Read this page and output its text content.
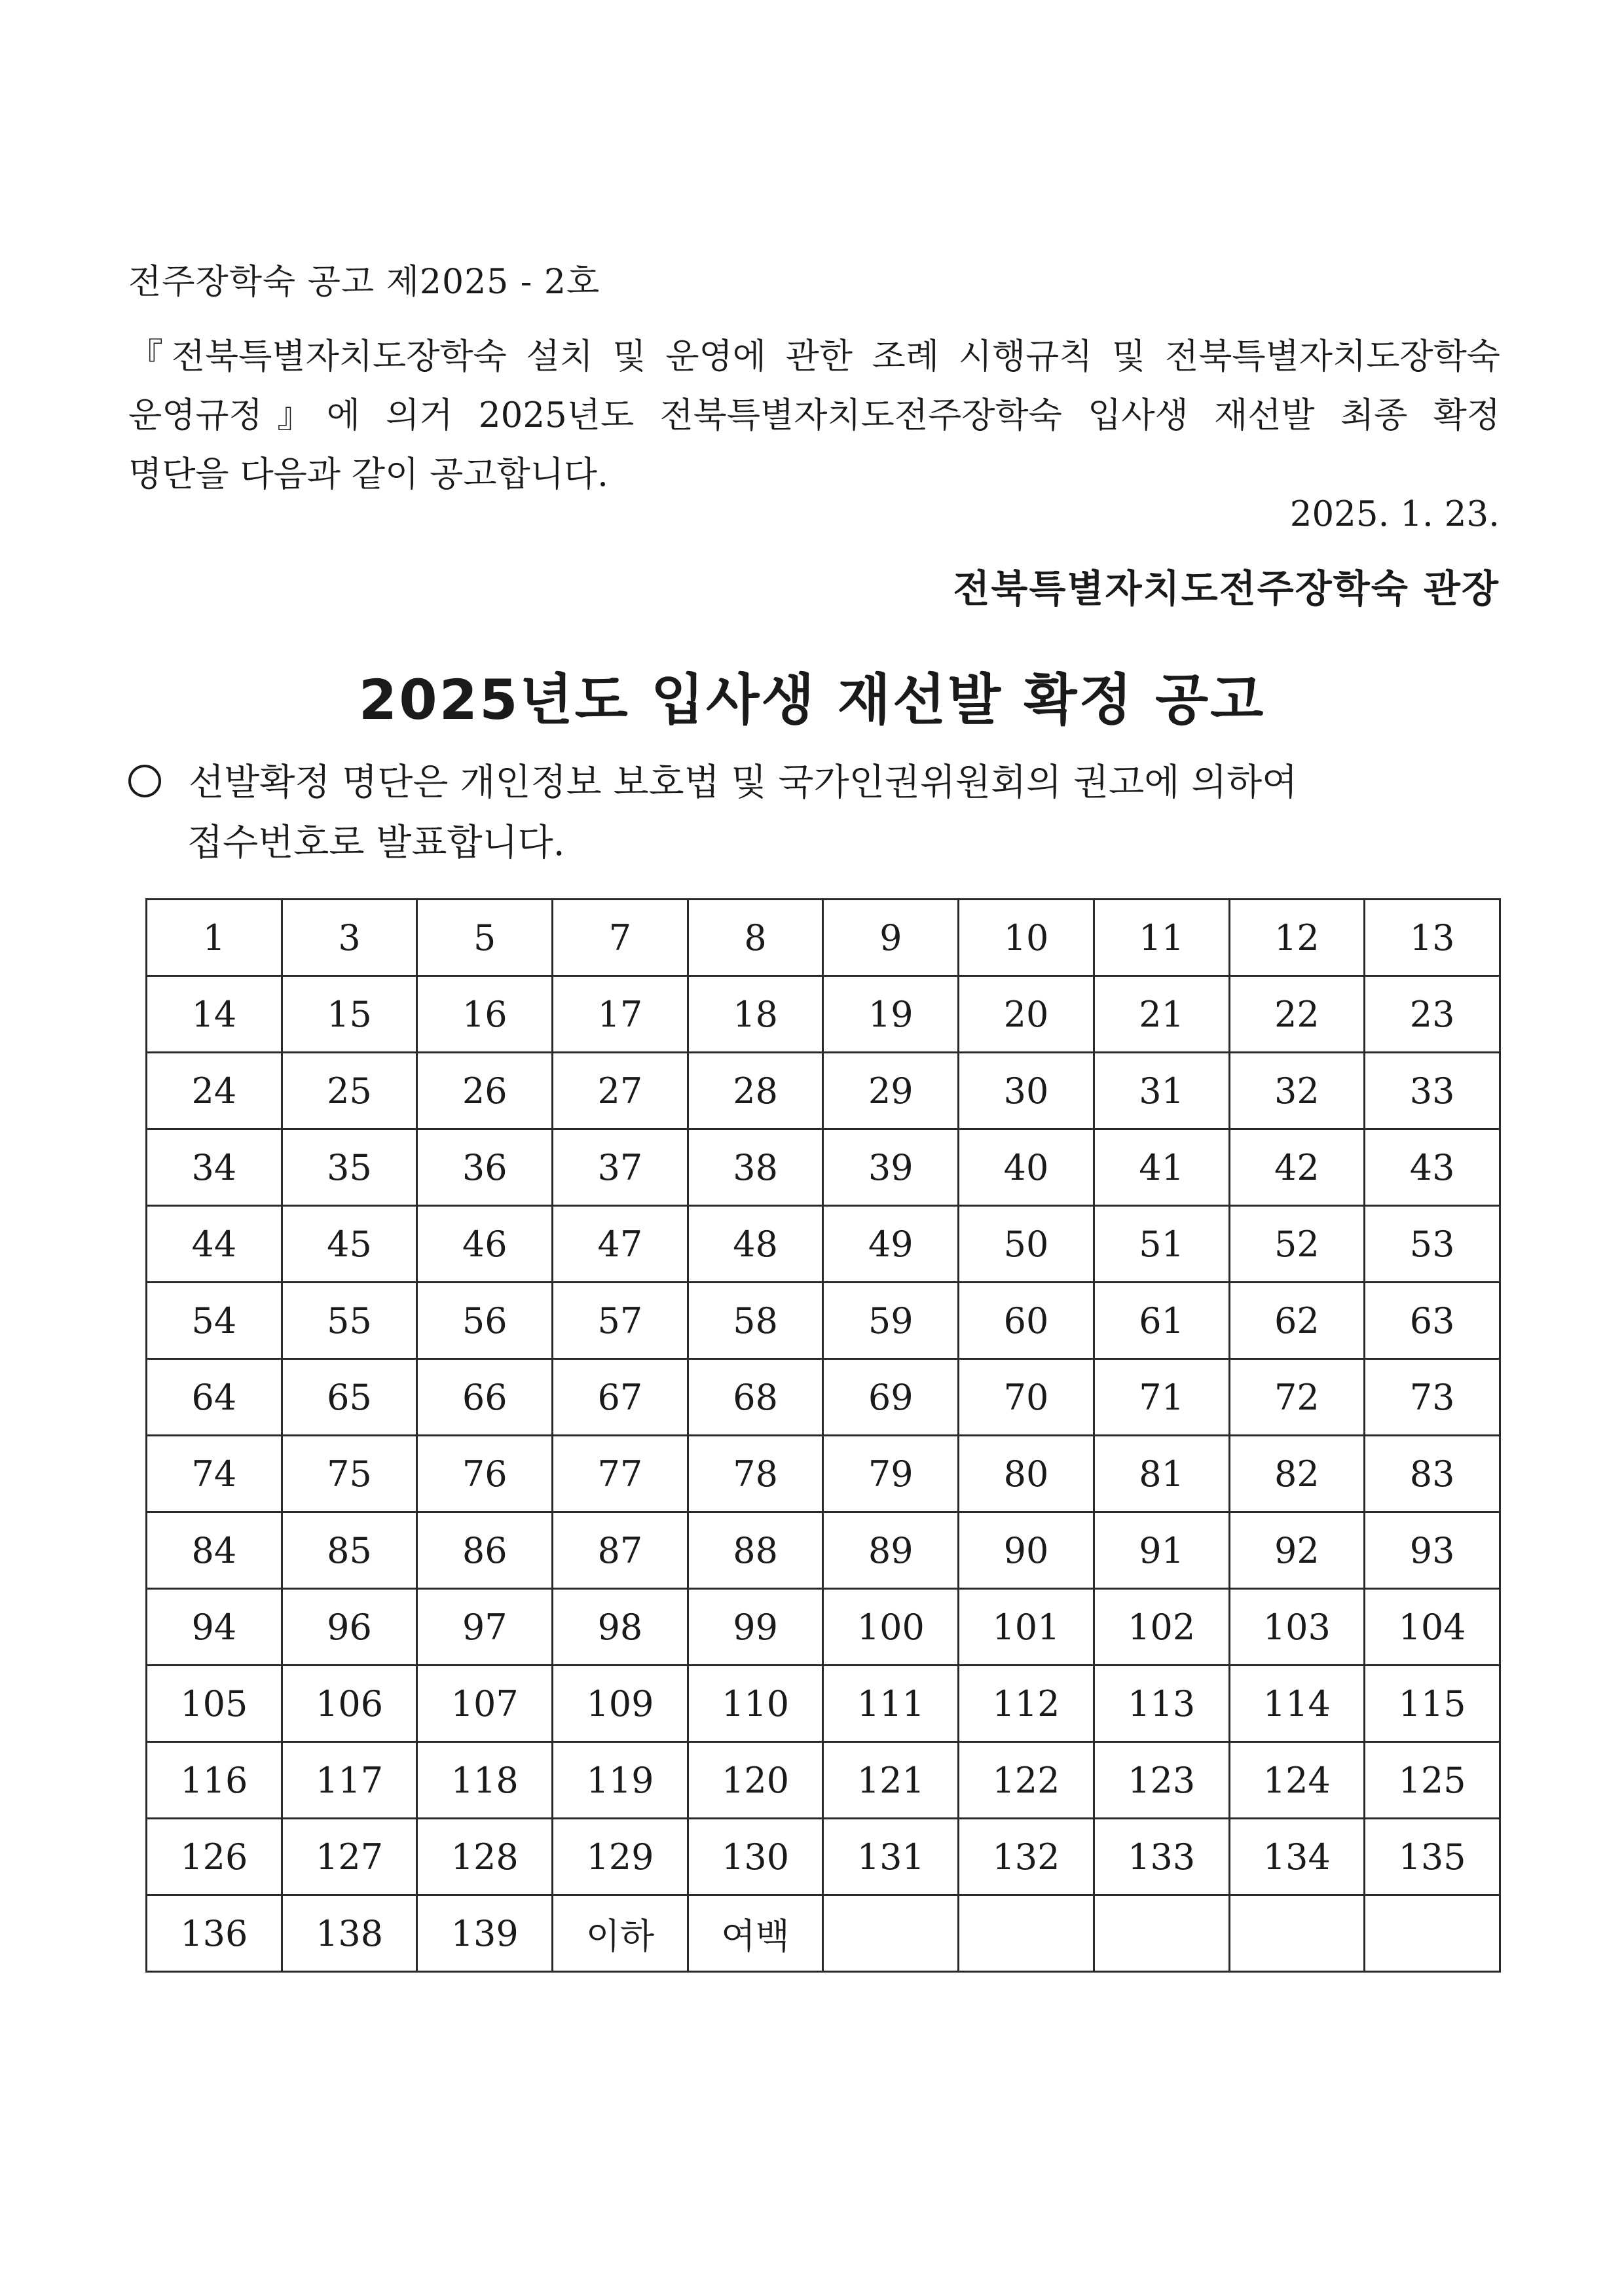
전주장학숙 공고 제2025 - 2호
『전북특별자치도장학숙 설치 및 운영에 관한 조례 시행규칙 및 전북특별자치도장학숙
운영규정』에 의거 2025년도 전북특별자치도전주장학숙 입사생 재선발 최종 확정
명단을 다음과 같이 공고합니다.
2025. 1. 23.
전북특별자치도전주장학숙 관장
2025년도 입사생 재선발 확정 공고
선발확정 명단은 개인정보 보호법 및 국가인권위원회의 권고에 의하여
접수번호로 발표합니다.
1	3	5	7	8	9	10	11	12	13
14	15	16	17	18	19	20	21	22	23
24	25	26	27	28	29	30	31	32	33
34	35	36	37	38	39	40	41	42	43
44	45	46	47	48	49	50	51	52	53
54	55	56	57	58	59	60	61	62	63
64	65	66	67	68	69	70	71	72	73
74	75	76	77	78	79	80	81	82	83
84	85	86	87	88	89	90	91	92	93
94	96	97	98	99	100	101	102	103	104
105	106	107	109	110	111	112	113	114	115
116	117	118	119	120	121	122	123	124	125
126	127	128	129	130	131	132	133	134	135
136	138	139	이하	여백					
